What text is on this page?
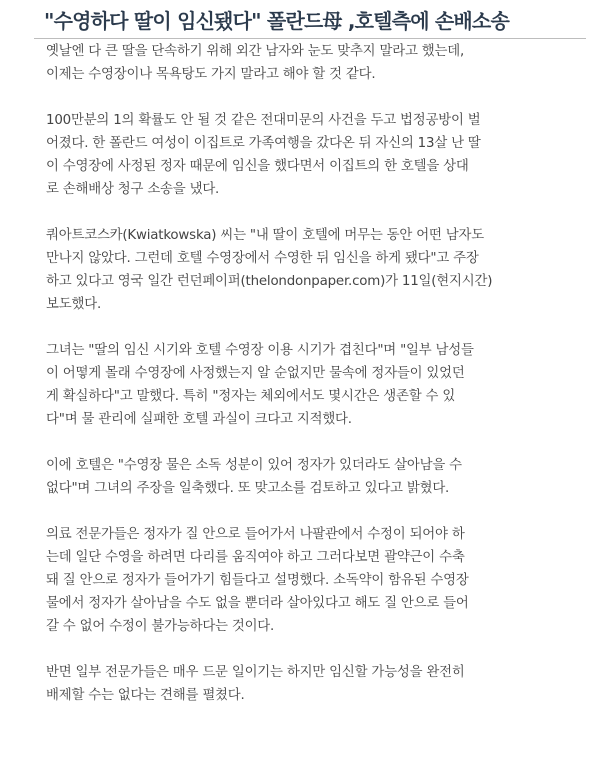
"수영하다 딸이 임신됐다" 폴란드母 ,호텔측에 손배소송

옛날엔 다 큰 딸을 단속하기 위해 외간 남자와 눈도 맞추지 말라고 했는데,
이제는 수영장이나 목욕탕도 가지 말라고 해야 할 것 같다.

100만분의 1의 확률도 안 될 것 같은 전대미문의 사건을 두고 법정공방이 벌
어졌다. 한 폴란드 여성이 이집트로 가족여행을 갔다온 뒤 자신의 13살 난 딸
이 수영장에 사정된 정자 때문에 임신을 했다면서 이집트의 한 호텔을 상대
로 손해배상 청구 소송을 냈다.

쿼아트코스카(Kwiatkowska) 씨는 "내 딸이 호텔에 머무는 동안 어떤 남자도
만나지 않았다. 그런데 호텔 수영장에서 수영한 뒤 임신을 하게 됐다"고 주장
하고 있다고 영국 일간 런던페이퍼(thelondonpaper.com)가 11일(현지시간)
보도했다.

그녀는 "딸의 임신 시기와 호텔 수영장 이용 시기가 겹친다"며 "일부 남성들
이 어떻게 몰래 수영장에 사정했는지 알 순없지만 물속에 정자들이 있었던
게 확실하다"고 말했다. 특히 "정자는 체외에서도 몇시간은 생존할 수 있
다"며 물 관리에 실패한 호텔 과실이 크다고 지적했다.

이에 호텔은 "수영장 물은 소독 성분이 있어 정자가 있더라도 살아남을 수
없다"며 그녀의 주장을 일축했다. 또 맞고소를 검토하고 있다고 밝혔다.

의료 전문가들은 정자가 질 안으로 들어가서 나팔관에서 수정이 되어야 하
는데 일단 수영을 하려면 다리를 움직여야 하고 그러다보면 괄약근이 수축
돼 질 안으로 정자가 들어가기 힘들다고 설명했다. 소독약이 함유된 수영장
물에서 정자가 살아남을 수도 없을 뿐더라 살아있다고 해도 질 안으로 들어
갈 수 없어 수정이 불가능하다는 것이다.

반면 일부 전문가들은 매우 드문 일이기는 하지만 임신할 가능성을 완전히
배제할 수는 없다는 견해를 펼쳤다.
